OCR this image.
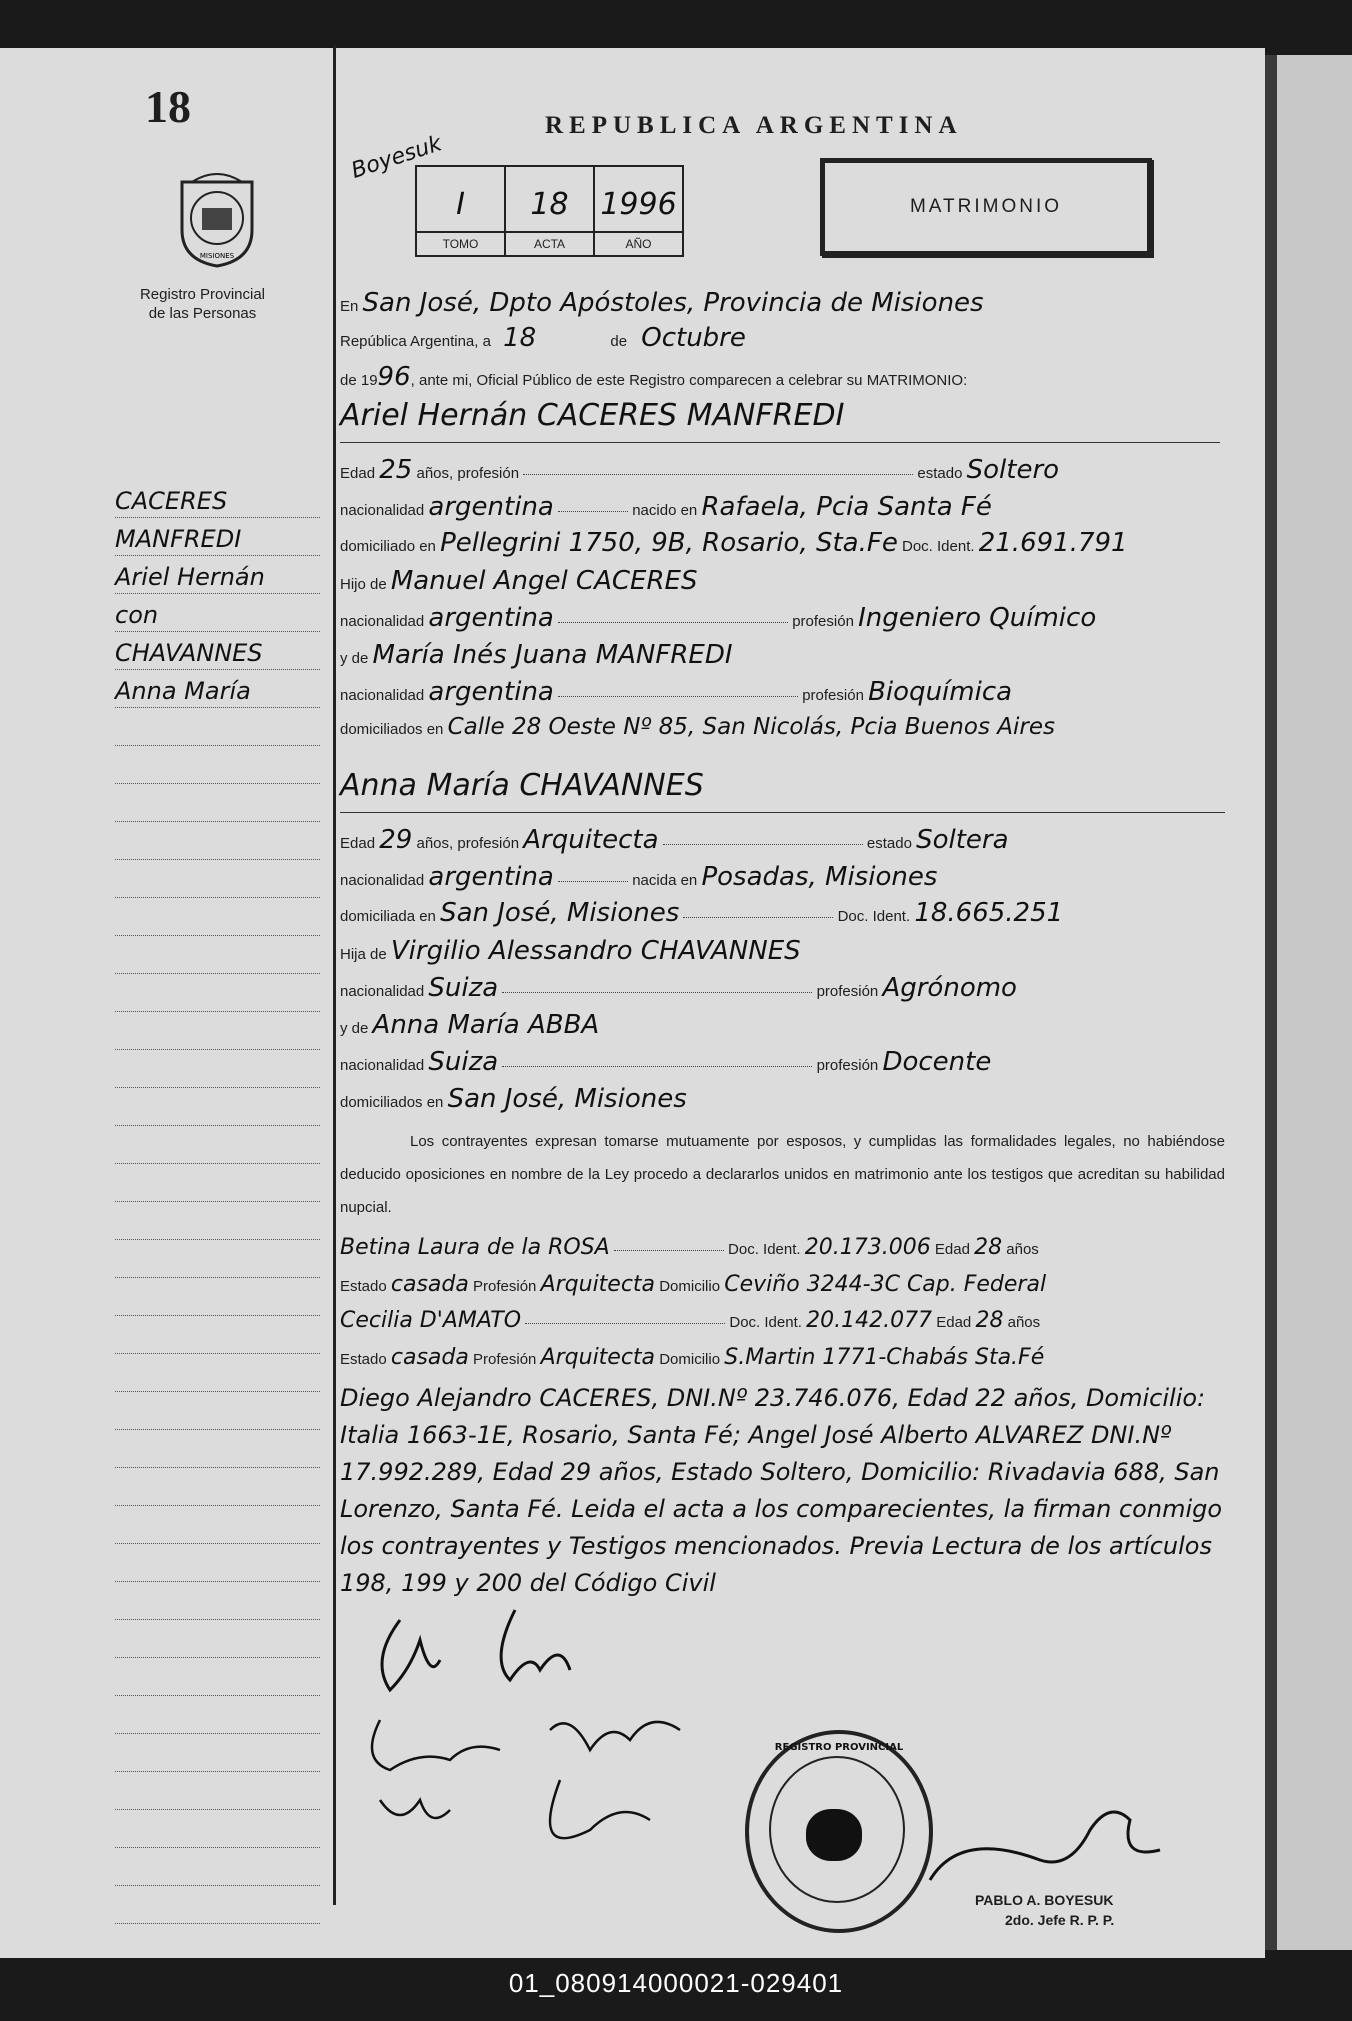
18
MISIONES
Registro Provincial
de las Personas
CACERES
MANFREDI
Ariel Hernán
con
CHAVANNES
Anna María
REPUBLICA ARGENTINA
Boyesuk
I
TOMO
18
ACTA
1996
AÑO
MATRIMONIO
En San José, Dpto Apóstoles, Provincia de Misiones
República Argentina, a 18	de Octubre
de 1996, ante mi, Oficial Público de este Registro comparecen a celebrar su MATRIMONIO:
Ariel Hernán CACERES MANFREDI
Edad 25 años, profesión	estado Soltero
nacionalidad argentina	nacido en Rafaela, Pcia Santa Fé
domiciliado en Pellegrini 1750, 9B, Rosario, Sta.Fe Doc. Ident. 21.691.791
Hijo de Manuel Angel CACERES
nacionalidad argentina	profesión Ingeniero Químico
y de María Inés Juana MANFREDI
nacionalidad argentina	profesión Bioquímica
domiciliados en Calle 28 Oeste Nº 85, San Nicolás, Pcia Buenos Aires
Anna María CHAVANNES
Edad 29 años, profesión Arquitecta	estado Soltera
nacionalidad argentina	nacida en Posadas, Misiones
domiciliada en San José, Misiones	Doc. Ident. 18.665.251
Hija de Virgilio Alessandro CHAVANNES
nacionalidad Suiza	profesión Agrónomo
y de Anna María ABBA
nacionalidad Suiza	profesión Docente
domiciliados en San José, Misiones
Los contrayentes expresan tomarse mutuamente por esposos, y cumplidas las formalidades legales, no habiéndose deducido oposiciones en nombre de la Ley procedo a declararlos unidos en matrimonio ante los testigos que acreditan su habilidad nupcial.
Betina Laura de la ROSA	Doc. Ident. 20.173.006 Edad 28 años
Estado casada Profesión Arquitecta Domicilio Ceviño 3244-3C Cap. Federal
Cecilia D'AMATO	Doc. Ident. 20.142.077 Edad 28 años
Estado casada Profesión Arquitecta Domicilio S.Martin 1771-Chabás Sta.Fé
Diego Alejandro CACERES, DNI.Nº 23.746.076, Edad 22 años, Domicilio: Italia 1663-1E, Rosario, Santa Fé; Angel José Alberto ALVAREZ DNI.Nº 17.992.289, Edad 29 años, Estado Soltero, Domicilio: Rivadavia 688, San Lorenzo, Santa Fé. Leida el acta a los comparecientes, la firman conmigo los contrayentes y Testigos mencionados. Previa Lectura de los artículos 198, 199 y 200 del Código Civil
REGISTRO PROVINCIAL
PABLO A. BOYESUK
2do. Jefe R. P. P.
01_080914000021-029401
